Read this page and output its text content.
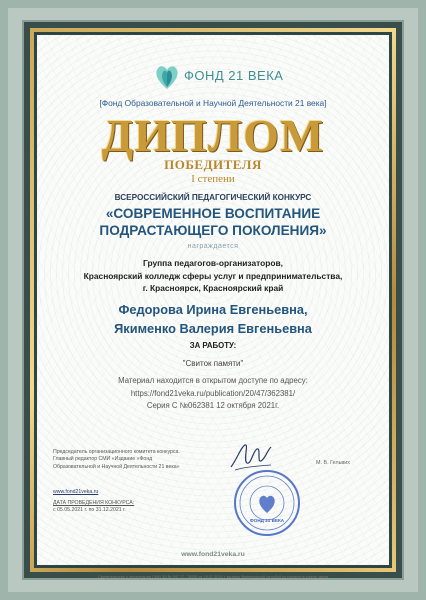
ФОНД 21 ВЕКА
[Фонд Образовательной и Научной Деятельности 21 века]
ДИПЛОМ
ПОБЕДИТЕЛЯ
I степени
ВСЕРОССИЙСКИЙ ПЕДАГОГИЧЕСКИЙ КОНКУРС
«СОВРЕМЕННОЕ ВОСПИТАНИЕ
ПОДРАСТАЮЩЕГО ПОКОЛЕНИЯ»
награждается
Группа педагогов-организаторов,
Красноярский колледж сферы услуг и предпринимательства,
г. Красноярск, Красноярский край
Федорова Ирина Евгеньевна,
Якименко Валерия Евгеньевна
ЗА РАБОТУ:
"Свиток памяти"
Материал находится в открытом доступе по адресу:
https://fond21veka.ru/publication/20/47/362381/
Серия С №062381 12 октября 2021г.
Председатель организационного комитета конкурса.
Главный редактор СМИ «Издание «Фонд
Образовательной и Научной Деятельности 21 века»
М. В. Гельвих
www.fond21veka.ru
ДАТА ПРОВЕДЕНИЯ КОНКУРСА:
с 05.05.2021 г. по 31.12.2021 г.
ФОНД 21 ВЕКА
www.fond21veka.ru
Свидетельство о регистрации СМИ ЭЛ № ФС 77 - 76280 от 19.07.2019 г. выдано Федеральной службой по надзору в сфере связи
